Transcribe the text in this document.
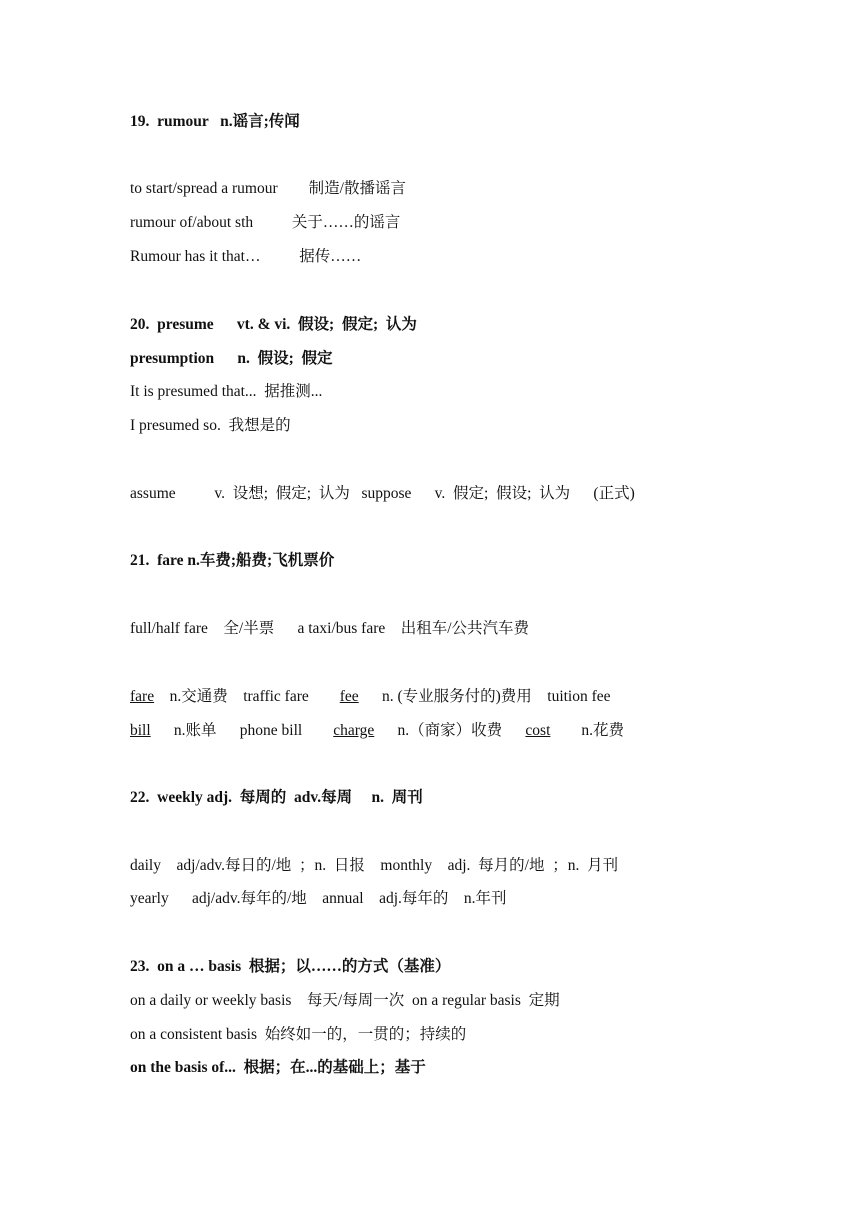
19.  rumour   n.谣言;传闻

to start/spread a rumour        制造/散播谣言

rumour of/about sth          关于……的谣言

Rumour has it that…          据传……

20.  presume      vt. & vi.  假设;  假定;  认为

presumption      n.  假设;  假定

It is presumed that...  据推测...

I presumed so.  我想是的

assume          v.  设想;  假定;  认为   suppose      v.  假定;  假设;  认为      (正式)

21.  fare n.车费;船费;飞机票价

full/half fare    全/半票      a taxi/bus fare    出租车/公共汽车费

fare    n.交通费    traffic fare        fee      n. (专业服务付的)费用    tuition fee

bill      n.账单      phone bill        charge      n.（商家）收费      cost        n.花费

22.  weekly adj.  每周的  adv.每周     n.  周刊

daily    adj/adv.每日的/地  ；n.  日报    monthly    adj.  每月的/地  ；n.  月刊

yearly      adj/adv.每年的/地    annual    adj.每年的    n.年刊

23.  on a … basis  根据；以……的方式（基准）

on a daily or weekly basis    每天/每周一次  on a regular basis  定期

on a consistent basis  始终如一的，一贯的；持续的

on the basis of...  根据；在...的基础上；基于
